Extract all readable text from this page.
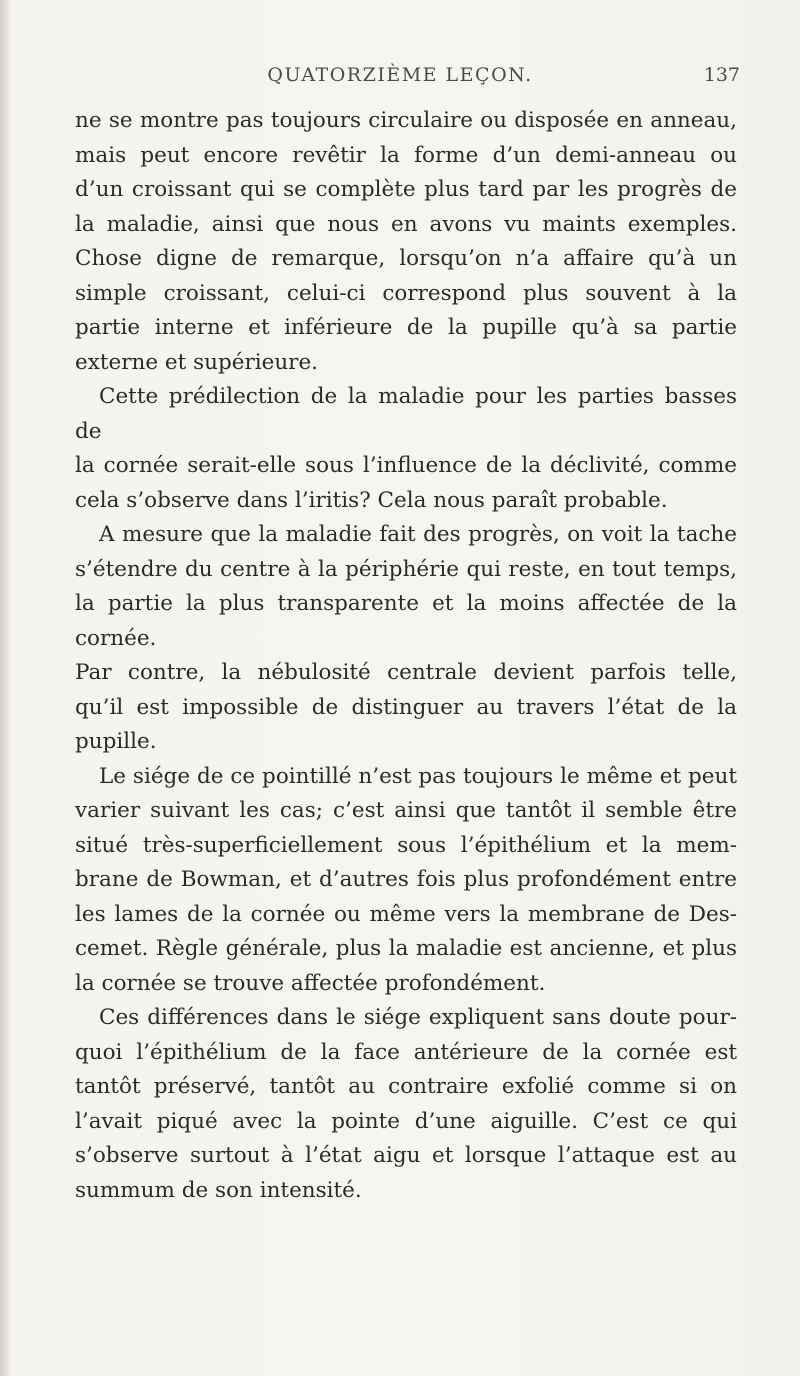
QUATORZIÈME LEÇON.	137

ne se montre pas toujours circulaire ou disposée en anneau,

mais peut encore revêtir la forme d’un demi-anneau ou

d’un croissant qui se complète plus tard par les progrès de

la maladie, ainsi que nous en avons vu maints exemples.

Chose digne de remarque, lorsqu’on n’a affaire qu’à un

simple croissant, celui-ci correspond plus souvent à la

partie interne et inférieure de la pupille qu’à sa partie

externe et supérieure.

Cette prédilection de la maladie pour les parties basses de

la cornée serait-elle sous l’influence de la déclivité, comme

cela s’observe dans l’iritis? Cela nous paraît probable.

A mesure que la maladie fait des progrès, on voit la tache

s’étendre du centre à la périphérie qui reste, en tout temps,

la partie la plus transparente et la moins affectée de la cornée.

Par contre, la nébulosité centrale devient parfois telle,

qu’il est impossible de distinguer au travers l’état de la

pupille.

Le siége de ce pointillé n’est pas toujours le même et peut

varier suivant les cas; c’est ainsi que tantôt il semble être

situé très-superficiellement sous l’épithélium et la mem-

brane de Bowman, et d’autres fois plus profondément entre

les lames de la cornée ou même vers la membrane de Des-

cemet. Règle générale, plus la maladie est ancienne, et plus

la cornée se trouve affectée profondément.

Ces différences dans le siége expliquent sans doute pour-

quoi l’épithélium de la face antérieure de la cornée est

tantôt préservé, tantôt au contraire exfolié comme si on

l’avait piqué avec la pointe d’une aiguille. C’est ce qui

s’observe surtout à l’état aigu et lorsque l’attaque est au

summum de son intensité.
